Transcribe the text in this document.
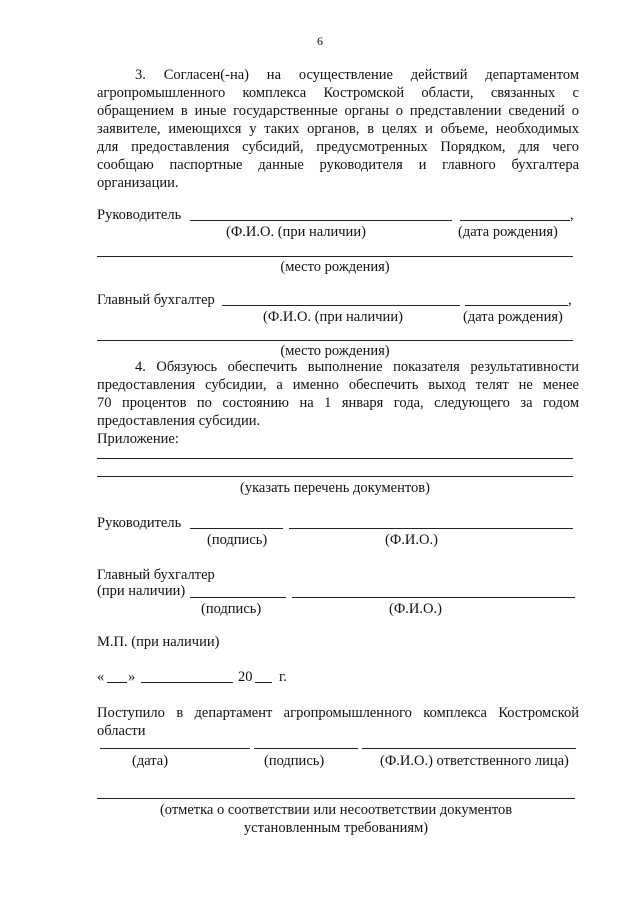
6
3. Согласен(-на) на осуществление действий департаментом
агропромышленного комплекса Костромской области, связанных с
обращением в иные государственные органы о представлении сведений о
заявителе, имеющихся у таких органов, в целях и объеме, необходимых
для предоставления субсидий, предусмотренных Порядком, для чего
сообщаю паспортные данные руководителя и главного бухгалтера
организации.
Руководитель	,
(Ф.И.О. (при наличии)	(дата рождения)
(место рождения)
Главный бухгалтер	,
(Ф.И.О. (при наличии)	(дата рождения)
(место рождения)
4. Обязуюсь обеспечить выполнение показателя результативности
предоставления субсидии, а именно обеспечить выход телят не менее
70 процентов по состоянию на 1 января года, следующего за годом
предоставления субсидии.
Приложение:
(указать перечень документов)
Руководитель
(подпись)	(Ф.И.О.)
Главный бухгалтер
(при наличии)
(подпись)	(Ф.И.О.)
М.П. (при наличии)
« »	20 г.
Поступило в департамент агропромышленного комплекса Костромской
области
(дата)	(подпись)	(Ф.И.О.) ответственного лица)
(отметка о соответствии или несоответствии документов
установленным требованиям)
